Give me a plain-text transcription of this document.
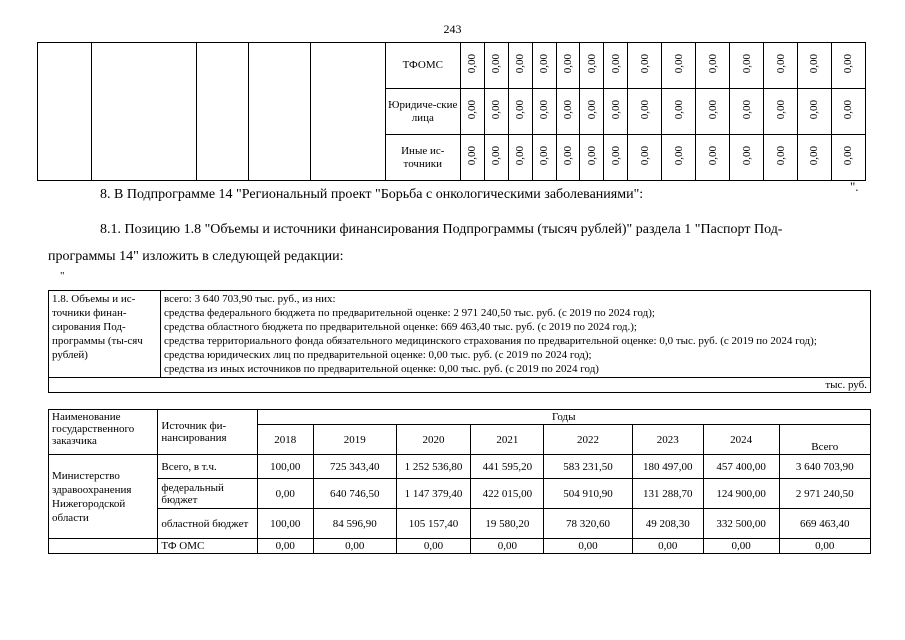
243
					ТФОМС	0,00	0,00	0,00	0,00	0,00	0,00	0,00	0,00	0,00	0,00	0,00	0,00	0,00	0,00
					Юридиче-ские лица	0,00	0,00	0,00	0,00	0,00	0,00	0,00	0,00	0,00	0,00	0,00	0,00	0,00	0,00
					Иные ис-точники	0,00	0,00	0,00	0,00	0,00	0,00	0,00	0,00	0,00	0,00	0,00	0,00	0,00	0,00
".
8. В Подпрограмме 14 "Региональный проект "Борьба с онкологическими заболеваниями":
8.1. Позицию 1.8 "Объемы и источники финансирования Подпрограммы (тысяч рублей)" раздела 1 "Паспорт Под-
программы 14" изложить в следующей редакции:
"
1.8. Объемы и ис-точники финан-сирования Под-программы (ты-сяч рублей)	
всего: 3 640 703,90 тыс. руб., из них:
средства федерального бюджета по предварительной оценке: 2 971 240,50 тыс. руб. (с 2019 по 2024 год);
средства областного бюджета по предварительной оценке: 669 463,40 тыс. руб. (с 2019 по 2024 год.);
средства территориального фонда обязательного медицинского страхования по предварительной оценке: 0,0 тыс. руб. (с 2019 по 2024 год);
средства юридических лиц по предварительной оценке: 0,00 тыс. руб. (с 2019 по 2024 год);
средства из иных источников по предварительной оценке: 0,00 тыс. руб. (с 2019 по 2024 год)

тыс. руб.
Наименование государственного заказчика	Источник фи-нансирования	Годы							
		2018	2019	2020	2021	2022	2023	2024	Всего
Министерство здравоохранения Нижегородской области	Всего, в т.ч.	100,00	725 343,40	1 252 536,80	441 595,20	583 231,50	180 497,00	457 400,00	3 640 703,90
	федеральный бюджет	0,00	640 746,50	1 147 379,40	422 015,00	504 910,90	131 288,70	124 900,00	2 971 240,50
	областной бюджет	100,00	84 596,90	105 157,40	19 580,20	78 320,60	49 208,30	332 500,00	669 463,40
	ТФ ОМС	0,00	0,00	0,00	0,00	0,00	0,00	0,00	0,00
